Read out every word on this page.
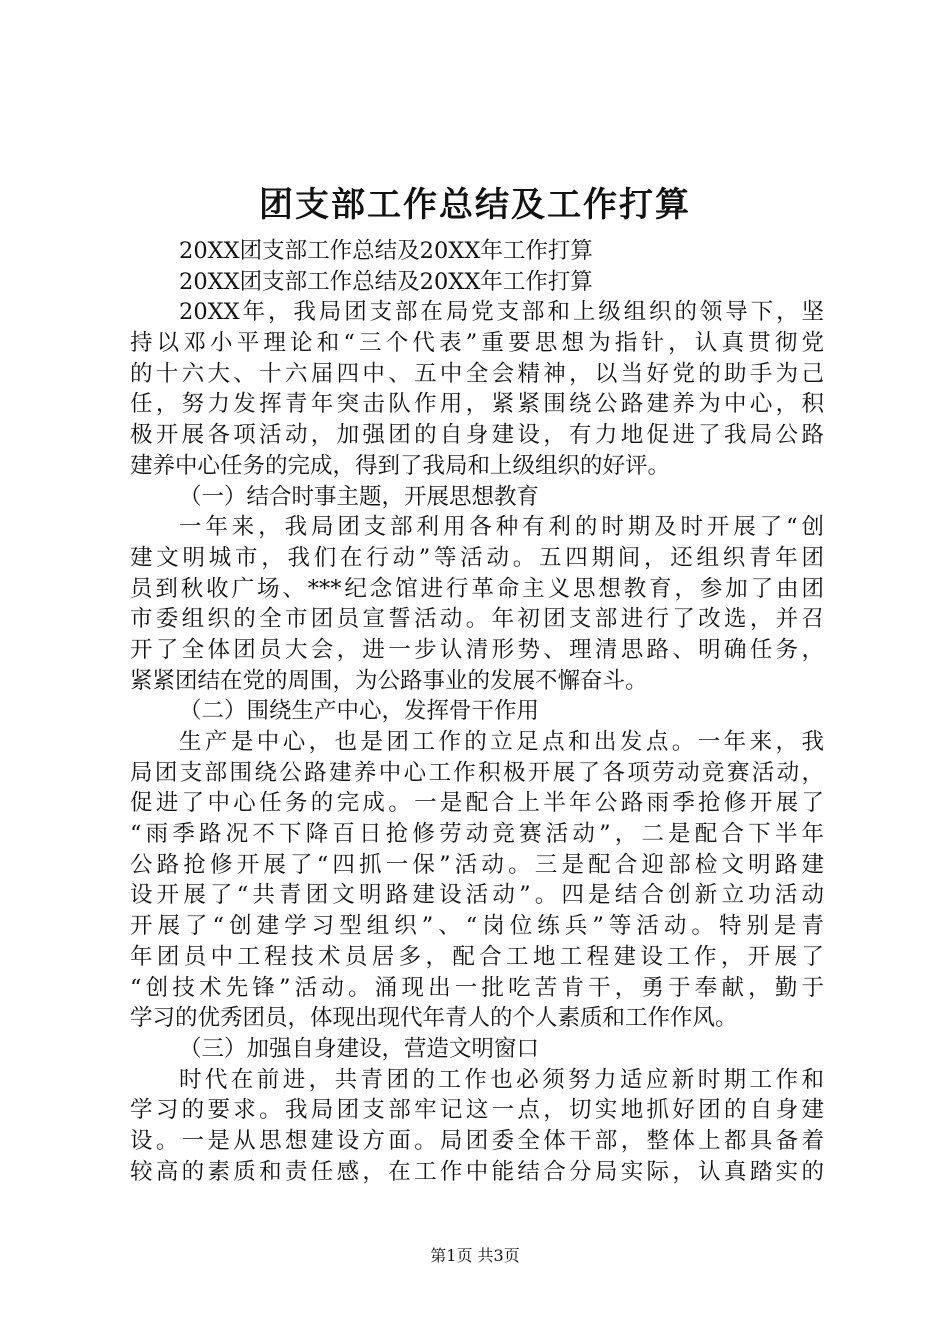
团支部工作总结及工作打算
20XX团支部工作总结及20XX年工作打算
20XX团支部工作总结及20XX年工作打算
20XX年，我局团支部在局党支部和上级组织的领导下，坚
持以邓小平理论和“三个代表”重要思想为指针，认真贯彻党
的十六大、十六届四中、五中全会精神，以当好党的助手为己
任，努力发挥青年突击队作用，紧紧围绕公路建养为中心，积
极开展各项活动，加强团的自身建设，有力地促进了我局公路
建养中心任务的完成，得到了我局和上级组织的好评。
（一）结合时事主题，开展思想教育
一年来，我局团支部利用各种有利的时期及时开展了“创
建文明城市，我们在行动”等活动。五四期间，还组织青年团
员到秋收广场、***纪念馆进行革命主义思想教育，参加了由团
市委组织的全市团员宣誓活动。年初团支部进行了改选，并召
开了全体团员大会，进一步认清形势、理清思路、明确任务，
紧紧团结在党的周围，为公路事业的发展不懈奋斗。
（二）围绕生产中心，发挥骨干作用
生产是中心，也是团工作的立足点和出发点。一年来，我
局团支部围绕公路建养中心工作积极开展了各项劳动竞赛活动，
促进了中心任务的完成。一是配合上半年公路雨季抢修开展了
“雨季路况不下降百日抢修劳动竞赛活动”，二是配合下半年
公路抢修开展了“四抓一保”活动。三是配合迎部检文明路建
设开展了“共青团文明路建设活动”。四是结合创新立功活动
开展了“创建学习型组织”、“岗位练兵”等活动。特别是青
年团员中工程技术员居多，配合工地工程建设工作，开展了
“创技术先锋”活动。涌现出一批吃苦肯干，勇于奉献，勤于
学习的优秀团员，体现出现代年青人的个人素质和工作作风。
（三）加强自身建设，营造文明窗口
时代在前进，共青团的工作也必须努力适应新时期工作和
学习的要求。我局团支部牢记这一点，切实地抓好团的自身建
设。一是从思想建设方面。局团委全体干部，整体上都具备着
较高的素质和责任感，在工作中能结合分局实际，认真踏实的
第1页 共3页
